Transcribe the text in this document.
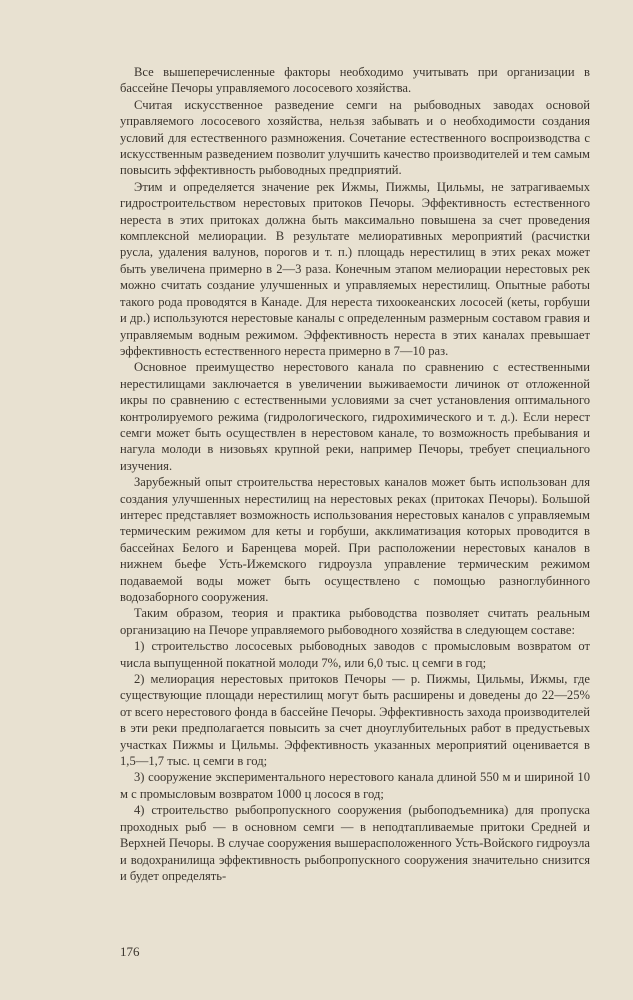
Все вышеперечисленные факторы необходимо учитывать при организации в бассейне Печоры управляемого лососевого хозяйства.

Считая искусственное разведение семги на рыбоводных заводах основой управляемого лососевого хозяйства, нельзя забывать и о необходимости создания условий для естественного размножения. Сочетание естественного воспроизводства с искусственным разведением позволит улучшить качество производителей и тем самым повысить эффективность рыбоводных предприятий.

Этим и определяется значение рек Ижмы, Пижмы, Цильмы, не затрагиваемых гидростроительством нерестовых притоков Печоры. Эффективность естественного нереста в этих притоках должна быть максимально повышена за счет проведения комплексной мелиорации. В результате мелиоративных мероприятий (расчистки русла, удаления валунов, порогов и т. п.) площадь нерестилищ в этих реках может быть увеличена примерно в 2—3 раза. Конечным этапом мелиорации нерестовых рек можно считать создание улучшенных и управляемых нерестилищ. Опытные работы такого рода проводятся в Канаде. Для нереста тихоокеанских лососей (кеты, горбуши и др.) используются нерестовые каналы с определенным размерным составом гравия и управляемым водным режимом. Эффективность нереста в этих каналах превышает эффективность естественного нереста примерно в 7—10 раз.

Основное преимущество нерестового канала по сравнению с естественными нерестилищами заключается в увеличении выживаемости личинок от отложенной икры по сравнению с естественными условиями за счет установления оптимального контролируемого режима (гидрологического, гидрохимического и т. д.). Если нерест семги может быть осуществлен в нерестовом канале, то возможность пребывания и нагула молоди в низовьях крупной реки, например Печоры, требует специального изучения.

Зарубежный опыт строительства нерестовых каналов может быть использован для создания улучшенных нерестилищ на нерестовых реках (притоках Печоры). Большой интерес представляет возможность использования нерестовых каналов с управляемым термическим режимом для кеты и горбуши, акклиматизация которых проводится в бассейнах Белого и Баренцева морей. При расположении нерестовых каналов в нижнем бьефе Усть-Ижемского гидроузла управление термическим режимом подаваемой воды может быть осуществлено с помощью разноглубинного водозаборного сооружения.

Таким образом, теория и практика рыбоводства позволяет считать реальным организацию на Печоре управляемого рыбоводного хозяйства в следующем составе:

1) строительство лососевых рыбоводных заводов с промысловым возвратом от числа выпущенной покатной молоди 7%, или 6,0 тыс. ц семги в год;

2) мелиорация нерестовых притоков Печоры — р. Пижмы, Цильмы, Ижмы, где существующие площади нерестилищ могут быть расширены и доведены до 22—25% от всего нерестового фонда в бассейне Печоры. Эффективность захода производителей в эти реки предполагается повысить за счет дноуглубительных работ в предустьевых участках Пижмы и Цильмы. Эффективность указанных мероприятий оценивается в 1,5—1,7 тыс. ц семги в год;

3) сооружение экспериментального нерестового канала длиной 550 м и шириной 10 м с промысловым возвратом 1000 ц лосося в год;

4) строительство рыбопропускного сооружения (рыбоподъемника) для пропуска проходных рыб — в основном семги — в неподтапливаемые притоки Средней и Верхней Печоры. В случае сооружения вышерасположенного Усть-Войского гидроузла и водохранилища эффективность рыбопропускного сооружения значительно снизится и будет определять-

176
